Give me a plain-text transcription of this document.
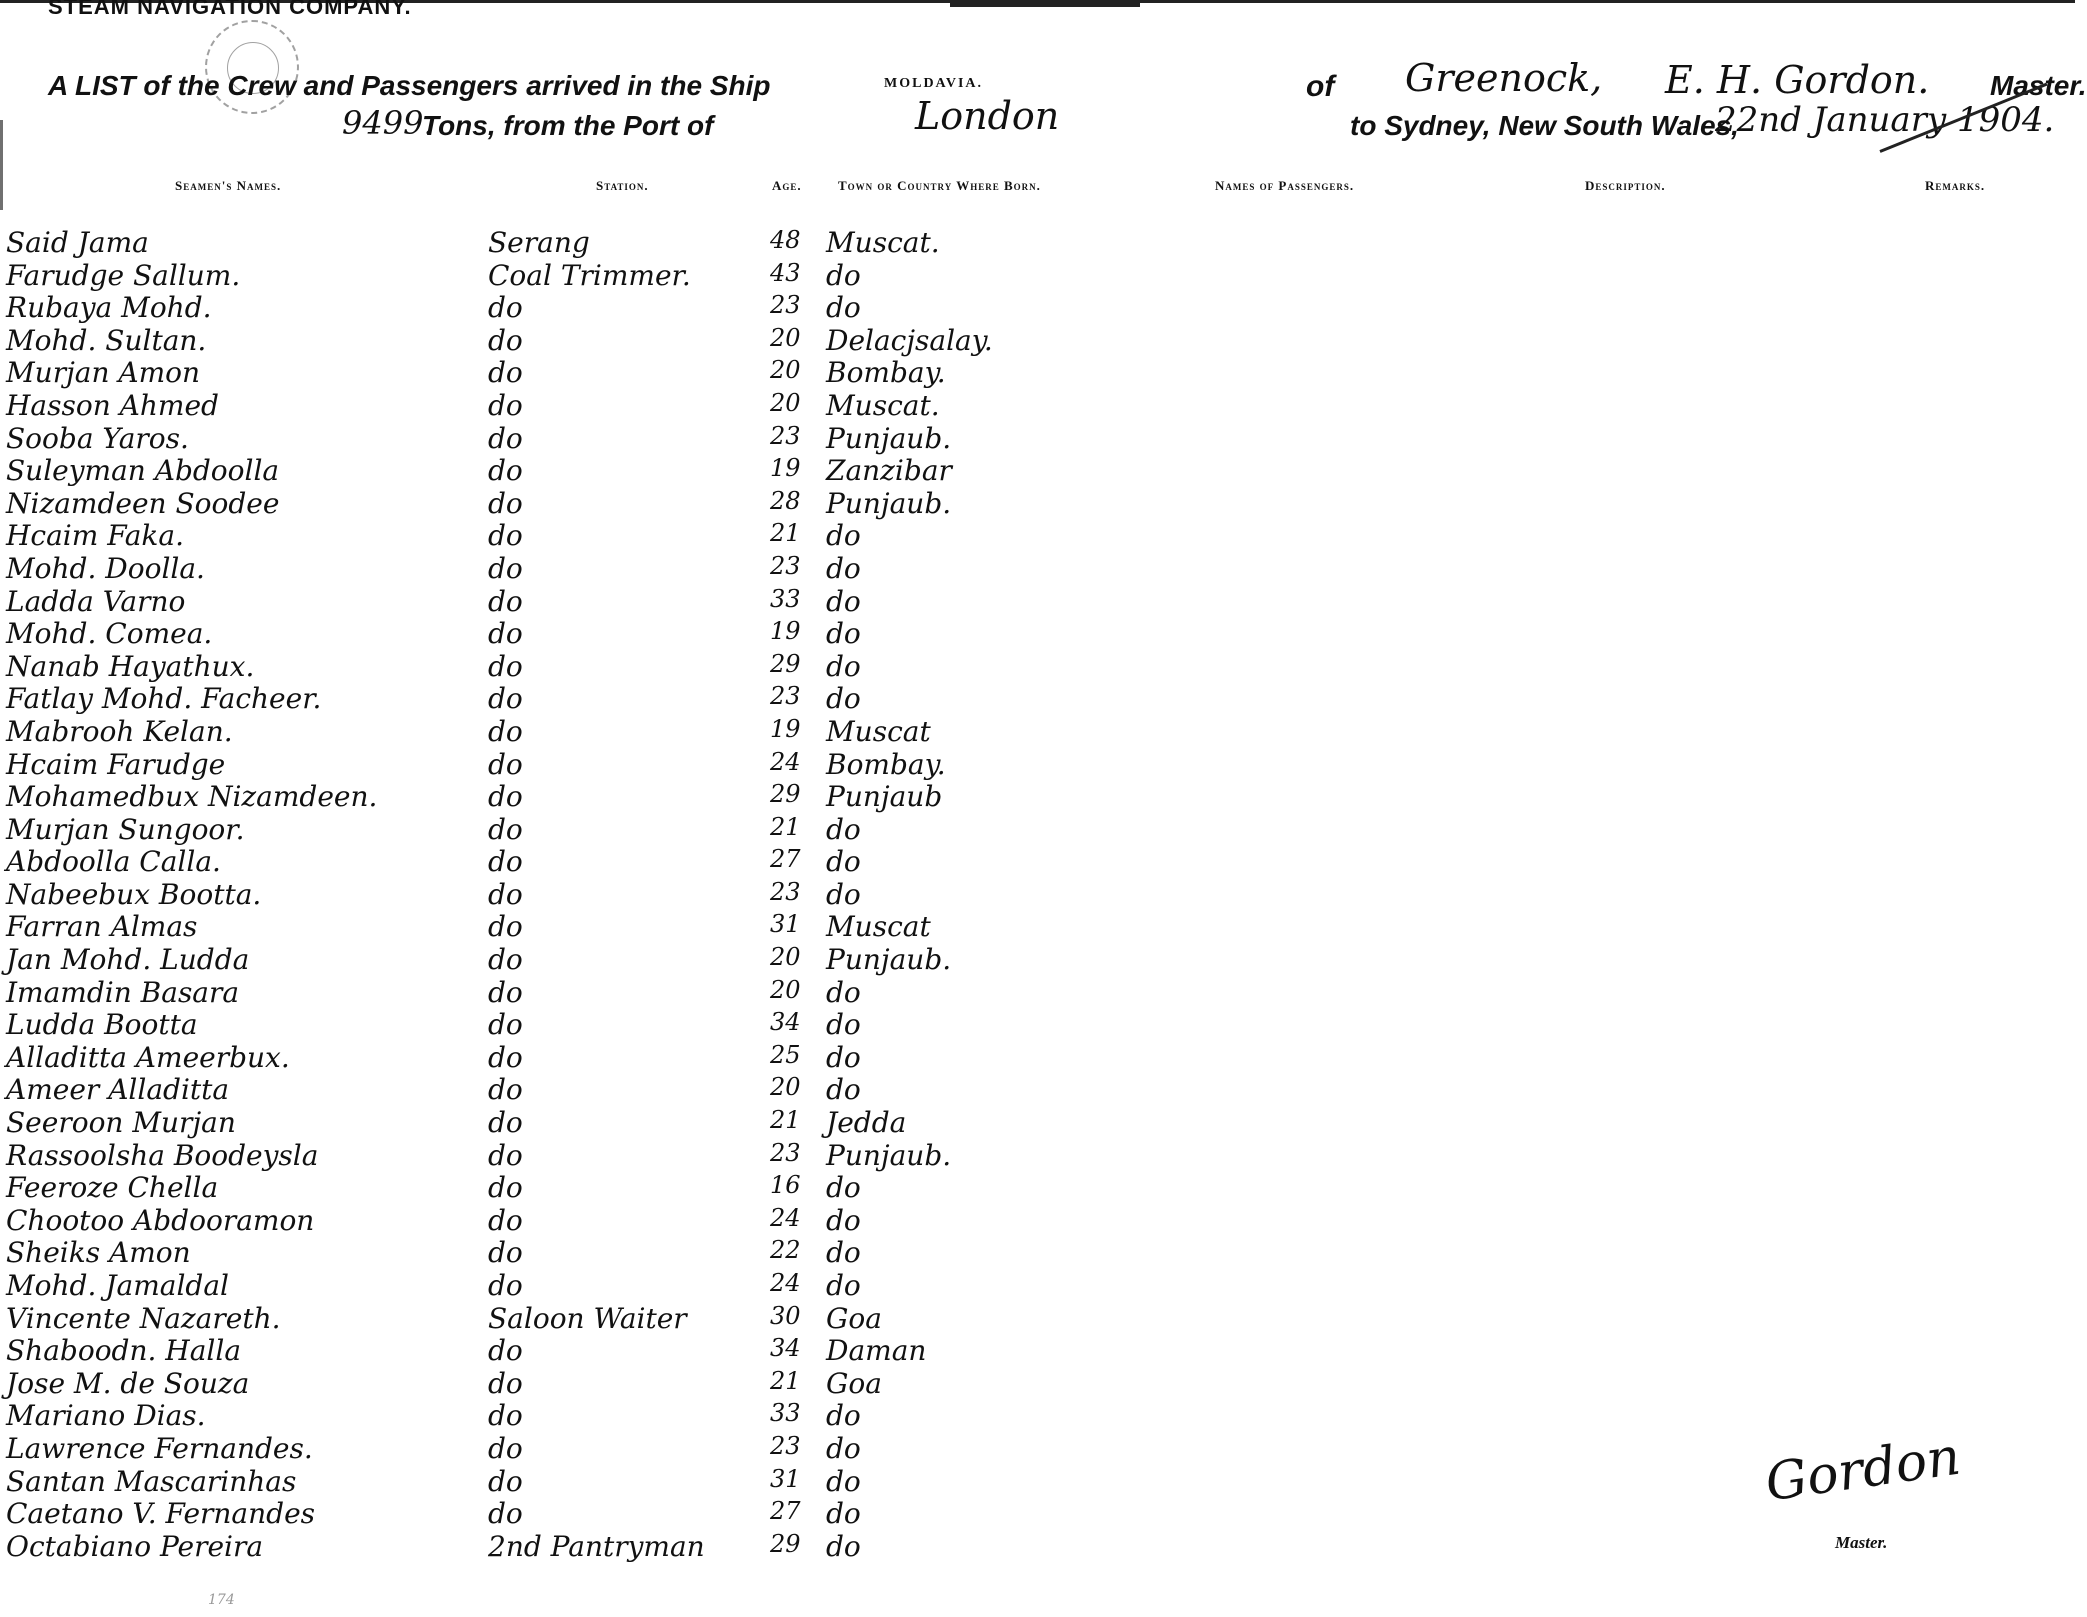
STEAM NAVIGATION COMPANY.
A LIST of the Crew and Passengers arrived in the Ship	MOLDAVIA.	of Greenock, E. H. Gordon. Master.
9499.
Tons, from the Port of	London	to Sydney, New South Wales,
22nd January 1904.
Seamen's Names.	Station.	Age.	Town or Country Where Born.	Names of Passengers.	Description.	Remarks.
Said Jama	Serang	48 Muscat.
Farudge Sallum.	Coal Trimmer.	43 do
Rubaya Mohd.	do	23 do
Mohd. Sultan.	do	20 Delacjsalay.
Murjan Amon	do	20 Bombay.
Hasson Ahmed	do	20 Muscat.
Sooba Yaros.	do	23 Punjaub.
Suleyman Abdoolla	do	19 Zanzibar
Nizamdeen Soodee	do	28 Punjaub.
Hcaim Faka.	do	21 do
Mohd. Doolla.	do	23 do
Ladda Varno	do	33 do
Mohd. Comea.	do	19 do
Nanab Hayathux.	do	29 do
Fatlay Mohd. Facheer.	do	23 do
Mabrooh Kelan.	do	19 Muscat
Hcaim Farudge	do	24 Bombay.
Mohamedbux Nizamdeen.	do	29 Punjaub
Murjan Sungoor.	do	21 do
Abdoolla Calla.	do	27 do
Nabeebux Bootta.	do	23 do
Farran Almas	do	31 Muscat
Jan Mohd. Ludda	do	20 Punjaub.
Imamdin Basara	do	20 do
Ludda Bootta	do	34 do
Alladitta Ameerbux.	do	25 do
Ameer Alladitta	do	20 do
Seeroon Murjan	do	21 Jedda
Rassoolsha Boodeysla	do	23 Punjaub.
Feeroze Chella	do	16 do
Chootoo Abdooramon	do	24 do
Sheiks Amon	do	22 do
Mohd. Jamaldal	do	24 do
Vincente Nazareth.	Saloon Waiter	30 Goa
Shaboodn. Halla	do	34 Daman
Jose M. de Souza	do	21 Goa
Mariano Dias.	do	33 do
Lawrence Fernandes.	do	23 do
Santan Mascarinhas	do	31 do
Caetano V. Fernandes	do	27 do
Octabiano Pereira	2nd Pantryman	29 do
Gordon
Master.
174
